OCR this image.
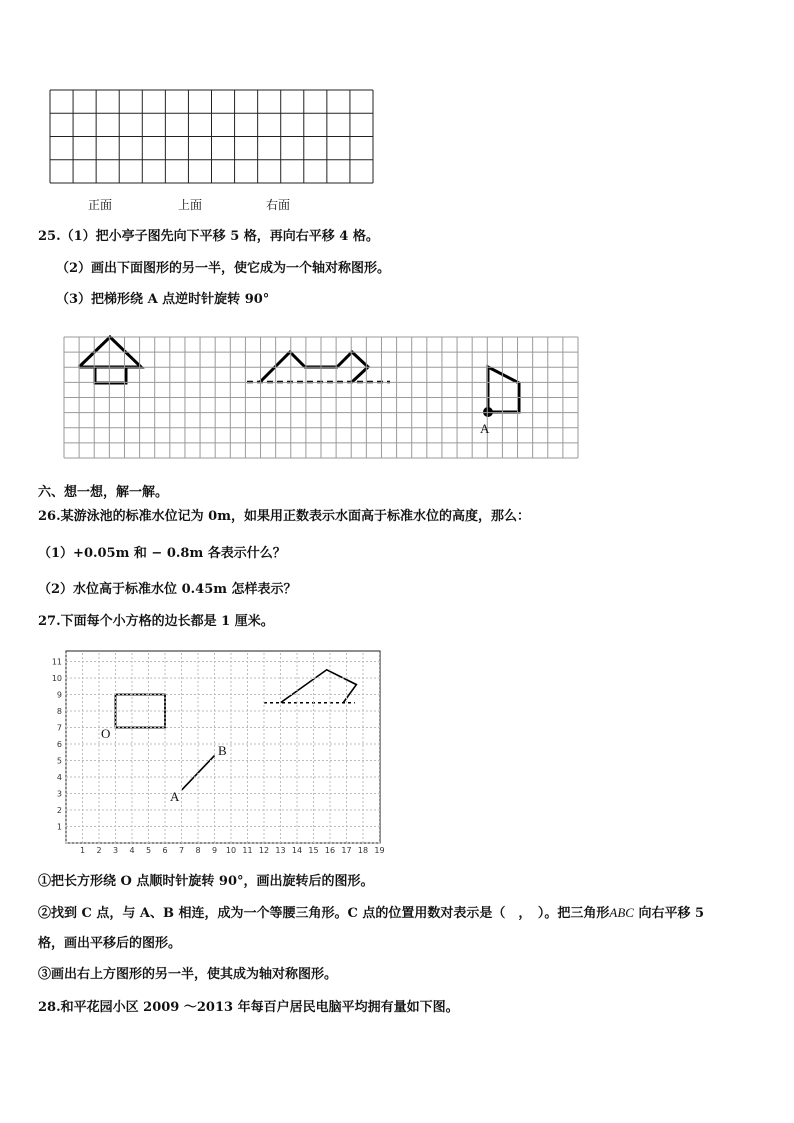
正面	上面	右面
25.（1）把小亭子图先向下平移 5 格，再向右平移 4 格。
（2）画出下面图形的另一半，使它成为一个轴对称图形。
（3）把梯形绕 A 点逆时针旋转 90°
A
六、想一想，解一解。
26.某游泳池的标准水位记为 0m，如果用正数表示水面高于标准水位的高度，那么：
（1）+0.05m 和 − 0.8m 各表示什么？
（2）水位高于标准水位 0.45m 怎样表示？
27.下面每个小方格的边长都是 1 厘米。
11
10
9
8
7
6
5
4
3
2
1
19
18
17
16
15
14
13
12
11
10
9
8
7
6
5
4
3
2
1
O
A
B
①把长方形绕 O 点顺时针旋转 90°，画出旋转后的图形。
②找到 C 点，与 A、B 相连，成为一个等腰三角形。C 点的位置用数对表示是（　，　）。把三角形ABC 向右平移 5
格，画出平移后的图形。
③画出右上方图形的另一半，使其成为轴对称图形。
28.和平花园小区 2009 ～2013 年每百户居民电脑平均拥有量如下图。
